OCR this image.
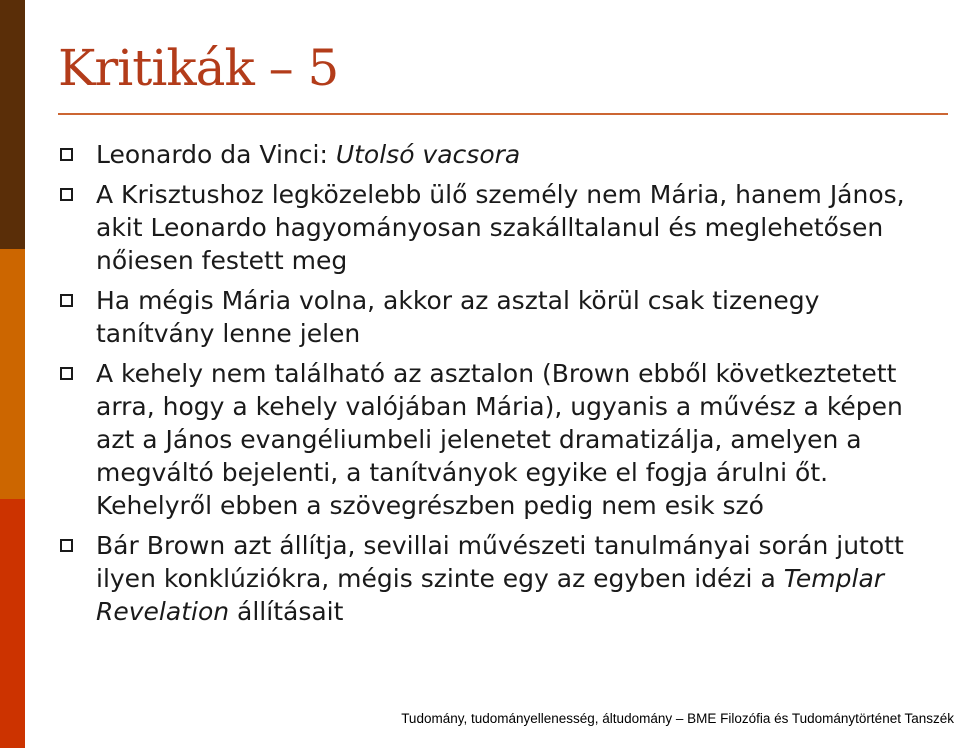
Kritikák – 5
Leonardo da Vinci: Utolsó vacsora
A Krisztushoz legközelebb ülő személy nem Mária, hanem János, akit Leonardo hagyományosan szakálltalanul és meglehetősen nőiesen festett meg
Ha mégis Mária volna, akkor az asztal körül csak tizenegy tanítvány lenne jelen
A kehely nem található az asztalon (Brown ebből következtetett arra, hogy a kehely valójában Mária), ugyanis a művész a képen azt a János evangéliumbeli jelenetet dramatizálja, amelyen a megváltó bejelenti, a tanítványok egyike el fogja árulni őt. Kehelyről ebben a szövegrészben pedig nem esik szó
Bár Brown azt állítja, sevillai művészeti tanulmányai során jutott ilyen konklúziókra, mégis szinte egy az egyben idézi a Templar Revelation állításait
Tudomány, tudományellenesség, áltudomány – BME Filozófia és Tudománytörténet Tanszék
